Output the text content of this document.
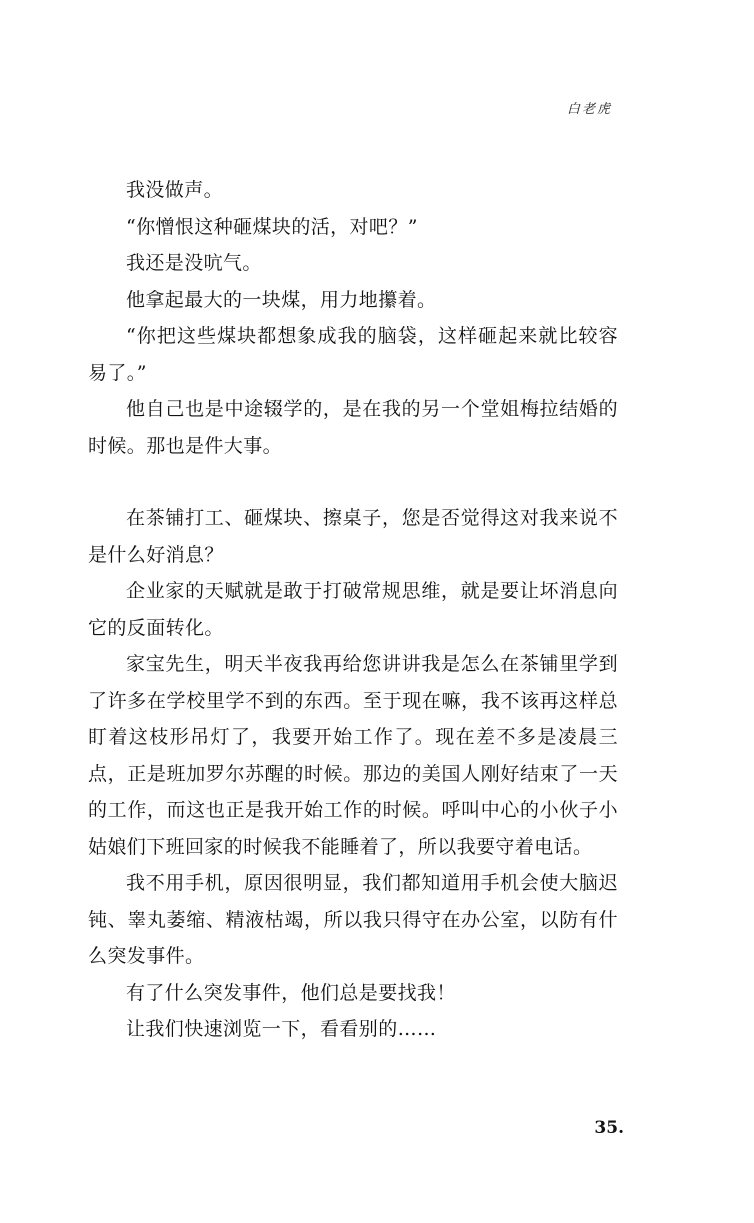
白老虎

我没做声。

“你憎恨这种砸煤块的活，对吧？”

我还是没吭气。

他拿起最大的一块煤，用力地攥着。

“你把这些煤块都想象成我的脑袋，这样砸起来就比较容易了。”

他自己也是中途辍学的，是在我的另一个堂姐梅拉结婚的时候。那也是件大事。

在茶铺打工、砸煤块、擦桌子，您是否觉得这对我来说不是什么好消息？

企业家的天赋就是敢于打破常规思维，就是要让坏消息向它的反面转化。

家宝先生，明天半夜我再给您讲讲我是怎么在茶铺里学到了许多在学校里学不到的东西。至于现在嘛，我不该再这样总盯着这枝形吊灯了，我要开始工作了。现在差不多是凌晨三点，正是班加罗尔苏醒的时候。那边的美国人刚好结束了一天的工作，而这也正是我开始工作的时候。呼叫中心的小伙子小姑娘们下班回家的时候我不能睡着了，所以我要守着电话。

我不用手机，原因很明显，我们都知道用手机会使大脑迟钝、睾丸萎缩、精液枯竭，所以我只得守在办公室，以防有什么突发事件。

有了什么突发事件，他们总是要找我！

让我们快速浏览一下，看看别的……

35.
